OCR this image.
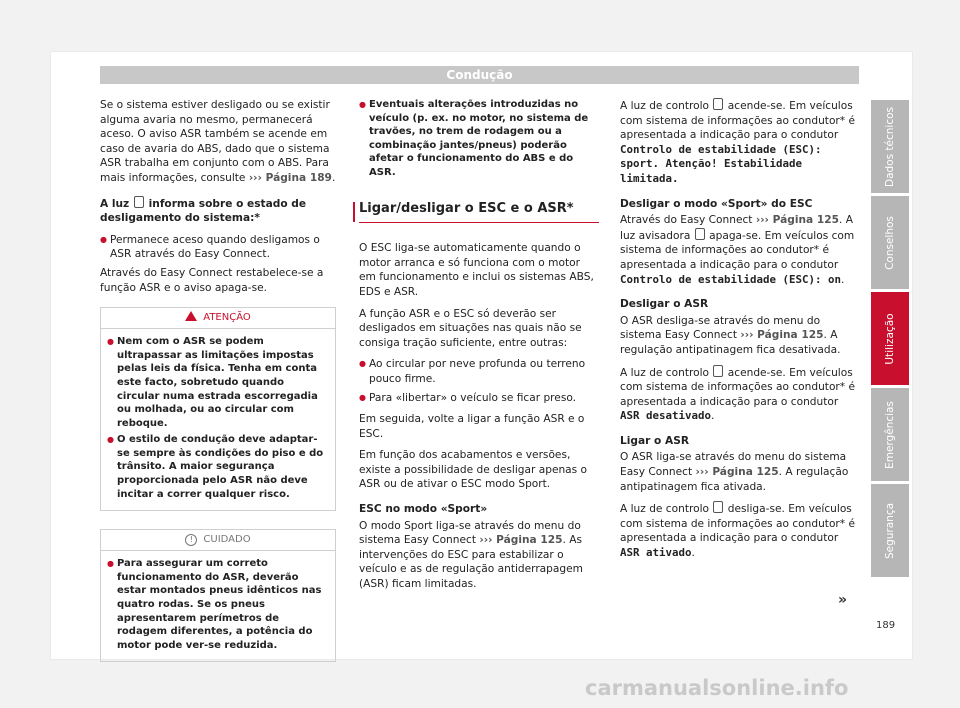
Condução

Se o sistema estiver desligado ou se existir alguma avaria no mesmo, permanecerá aceso. O aviso ASR também se acende em caso de avaria do ABS, dado que o sistema ASR trabalha em conjunto com o ABS. Para mais informações, consulte ››› Página 189.

A luz informa sobre o estado de desligamento do sistema:*

● Permanece aceso quando desligamos o ASR através do Easy Connect.

Através do Easy Connect restabelece-se a função ASR e o aviso apaga-se.

ATENÇÃO
● Nem com o ASR se podem ultrapassar as limitações impostas pelas leis da física. Tenha em conta este facto, sobretudo quando circular numa estrada escorregadia ou molhada, ou ao circular com reboque.
● O estilo de condução deve adaptar-se sempre às condições do piso e do trânsito. A maior segurança proporcionada pelo ASR não deve incitar a correr qualquer risco.
! CUIDADO
● Para assegurar um correto funcionamento do ASR, deverão estar montados pneus idênticos nas quatro rodas. Se os pneus apresentarem perímetros de rodagem diferentes, a potência do motor pode ver-se reduzida.
● Eventuais alterações introduzidas no veículo (p. ex. no motor, no sistema de travões, no trem de rodagem ou a combinação jantes/pneus) poderão afetar o funcionamento do ABS e do ASR.
Ligar/desligar o ESC e o ASR*

O ESC liga-se automaticamente quando o motor arranca e só funciona com o motor em funcionamento e inclui os sistemas ABS, EDS e ASR.

A função ASR e o ESC só deverão ser desligados em situações nas quais não se consiga tração suficiente, entre outras:

● Ao circular por neve profunda ou terreno pouco firme.
● Para «libertar» o veículo se ficar preso.

Em seguida, volte a ligar a função ASR e o ESC.

Em função dos acabamentos e versões, existe a possibilidade de desligar apenas o ASR ou de ativar o ESC modo Sport.

ESC no modo «Sport»

O modo Sport liga-se através do menu do sistema Easy Connect ››› Página 125. As intervenções do ESC para estabilizar o veículo e as de regulação antiderrapagem (ASR) ficam limitadas.

A luz de controlo acende-se. Em veículos com sistema de informações ao condutor* é apresentada a indicação para o condutor Controlo de estabilidade (ESC): sport. Atenção! Estabilidade limitada.

Desligar o modo «Sport» do ESC

Através do Easy Connect ››› Página 125. A luz avisadora apaga-se. Em veículos com sistema de informações ao condutor* é apresentada a indicação para o condutor Controlo de estabilidade (ESC): on.

Desligar o ASR

O ASR desliga-se através do menu do sistema Easy Connect ››› Página 125. A regulação antipatinagem fica desativada.

A luz de controlo acende-se. Em veículos com sistema de informações ao condutor* é apresentada a indicação para o condutor ASR desativado.

Ligar o ASR

O ASR liga-se através do menu do sistema Easy Connect ››› Página 125. A regulação antipatinagem fica ativada.

A luz de controlo desliga-se. Em veículos com sistema de informações ao condutor* é apresentada a indicação para o condutor ASR ativado.

Dados técnicos
Conselhos
Utilização
Emergências
Segurança
»
189
carmanualsonline.info
